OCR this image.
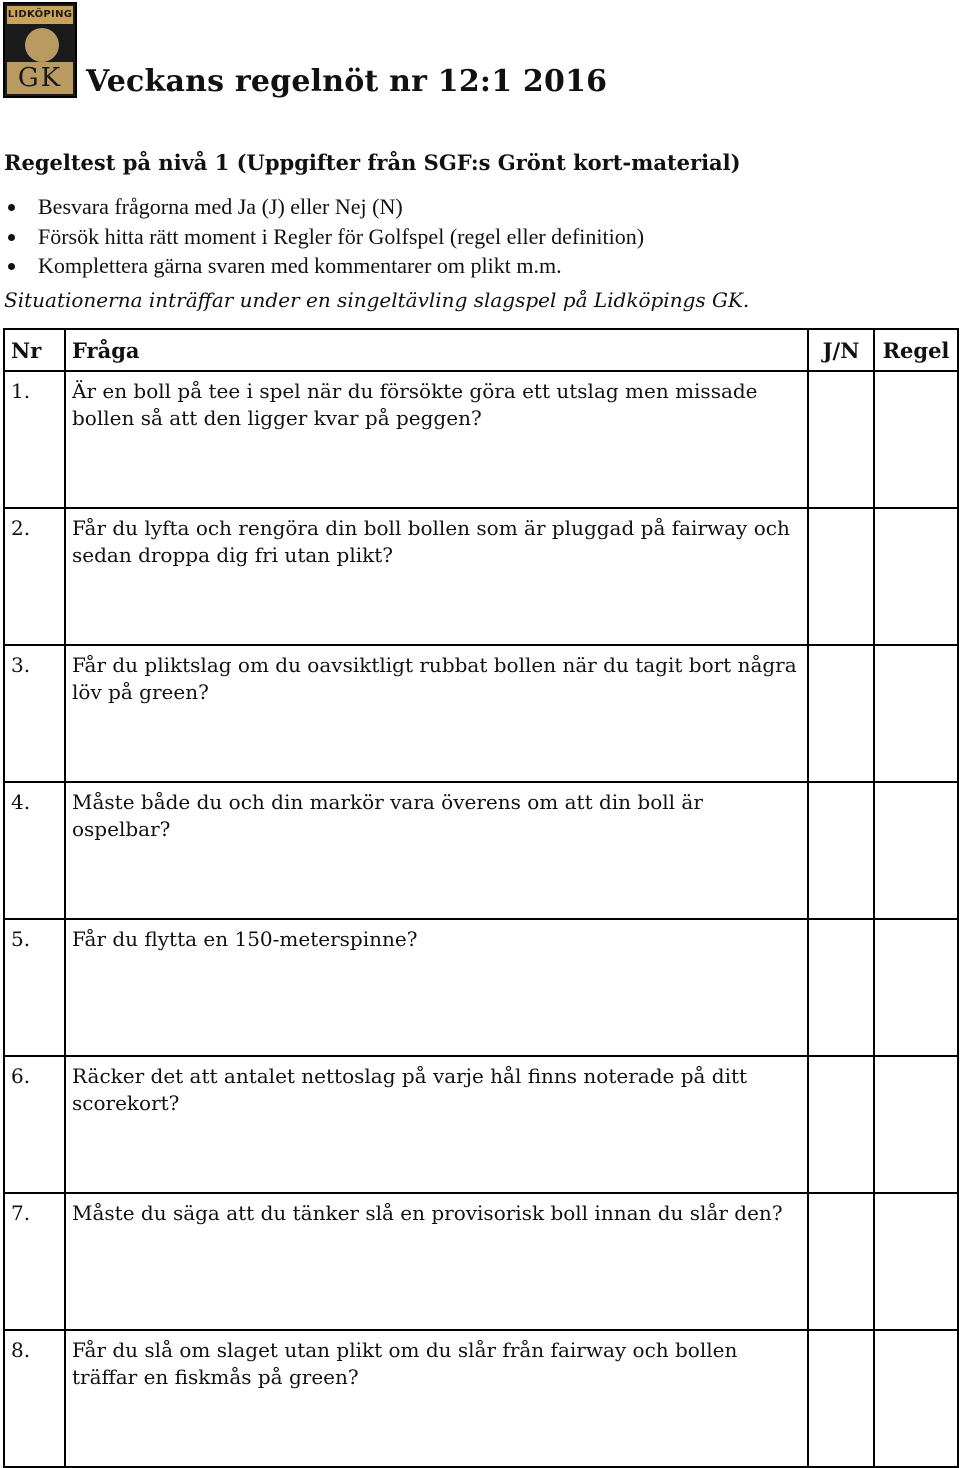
LIDKÖPING
GK Veckans regelnöt nr 12:1 2016

Regeltest på nivå 1 (Uppgifter från SGF:s Grönt kort-material)

Besvara frågorna med Ja (J) eller Nej (N)
Försök hitta rätt moment i Regler för Golfspel (regel eller definition)
Komplettera gärna svaren med kommentarer om plikt m.m.

Situationerna inträffar under en singeltävling slagspel på Lidköpings GK.

Nr	Fråga	J/N	Regel
1.	Är en boll på tee i spel när du försökte göra ett utslag men missade bollen så att den ligger kvar på peggen?		
2.	Får du lyfta och rengöra din boll bollen som är pluggad på fairway och sedan droppa dig fri utan plikt?		
3.	Får du pliktslag om du oavsiktligt rubbat bollen när du tagit bort några löv på green?		
4.	Måste både du och din markör vara överens om att din boll är ospelbar?		
5.	Får du flytta en 150-meterspinne?		
6.	Räcker det att antalet nettoslag på varje hål finns noterade på ditt scorekort?		
7.	Måste du säga att du tänker slå en provisorisk boll innan du slår den?		
8.	Får du slå om slaget utan plikt om du slår från fairway och bollen träffar en fiskmås på green?		
